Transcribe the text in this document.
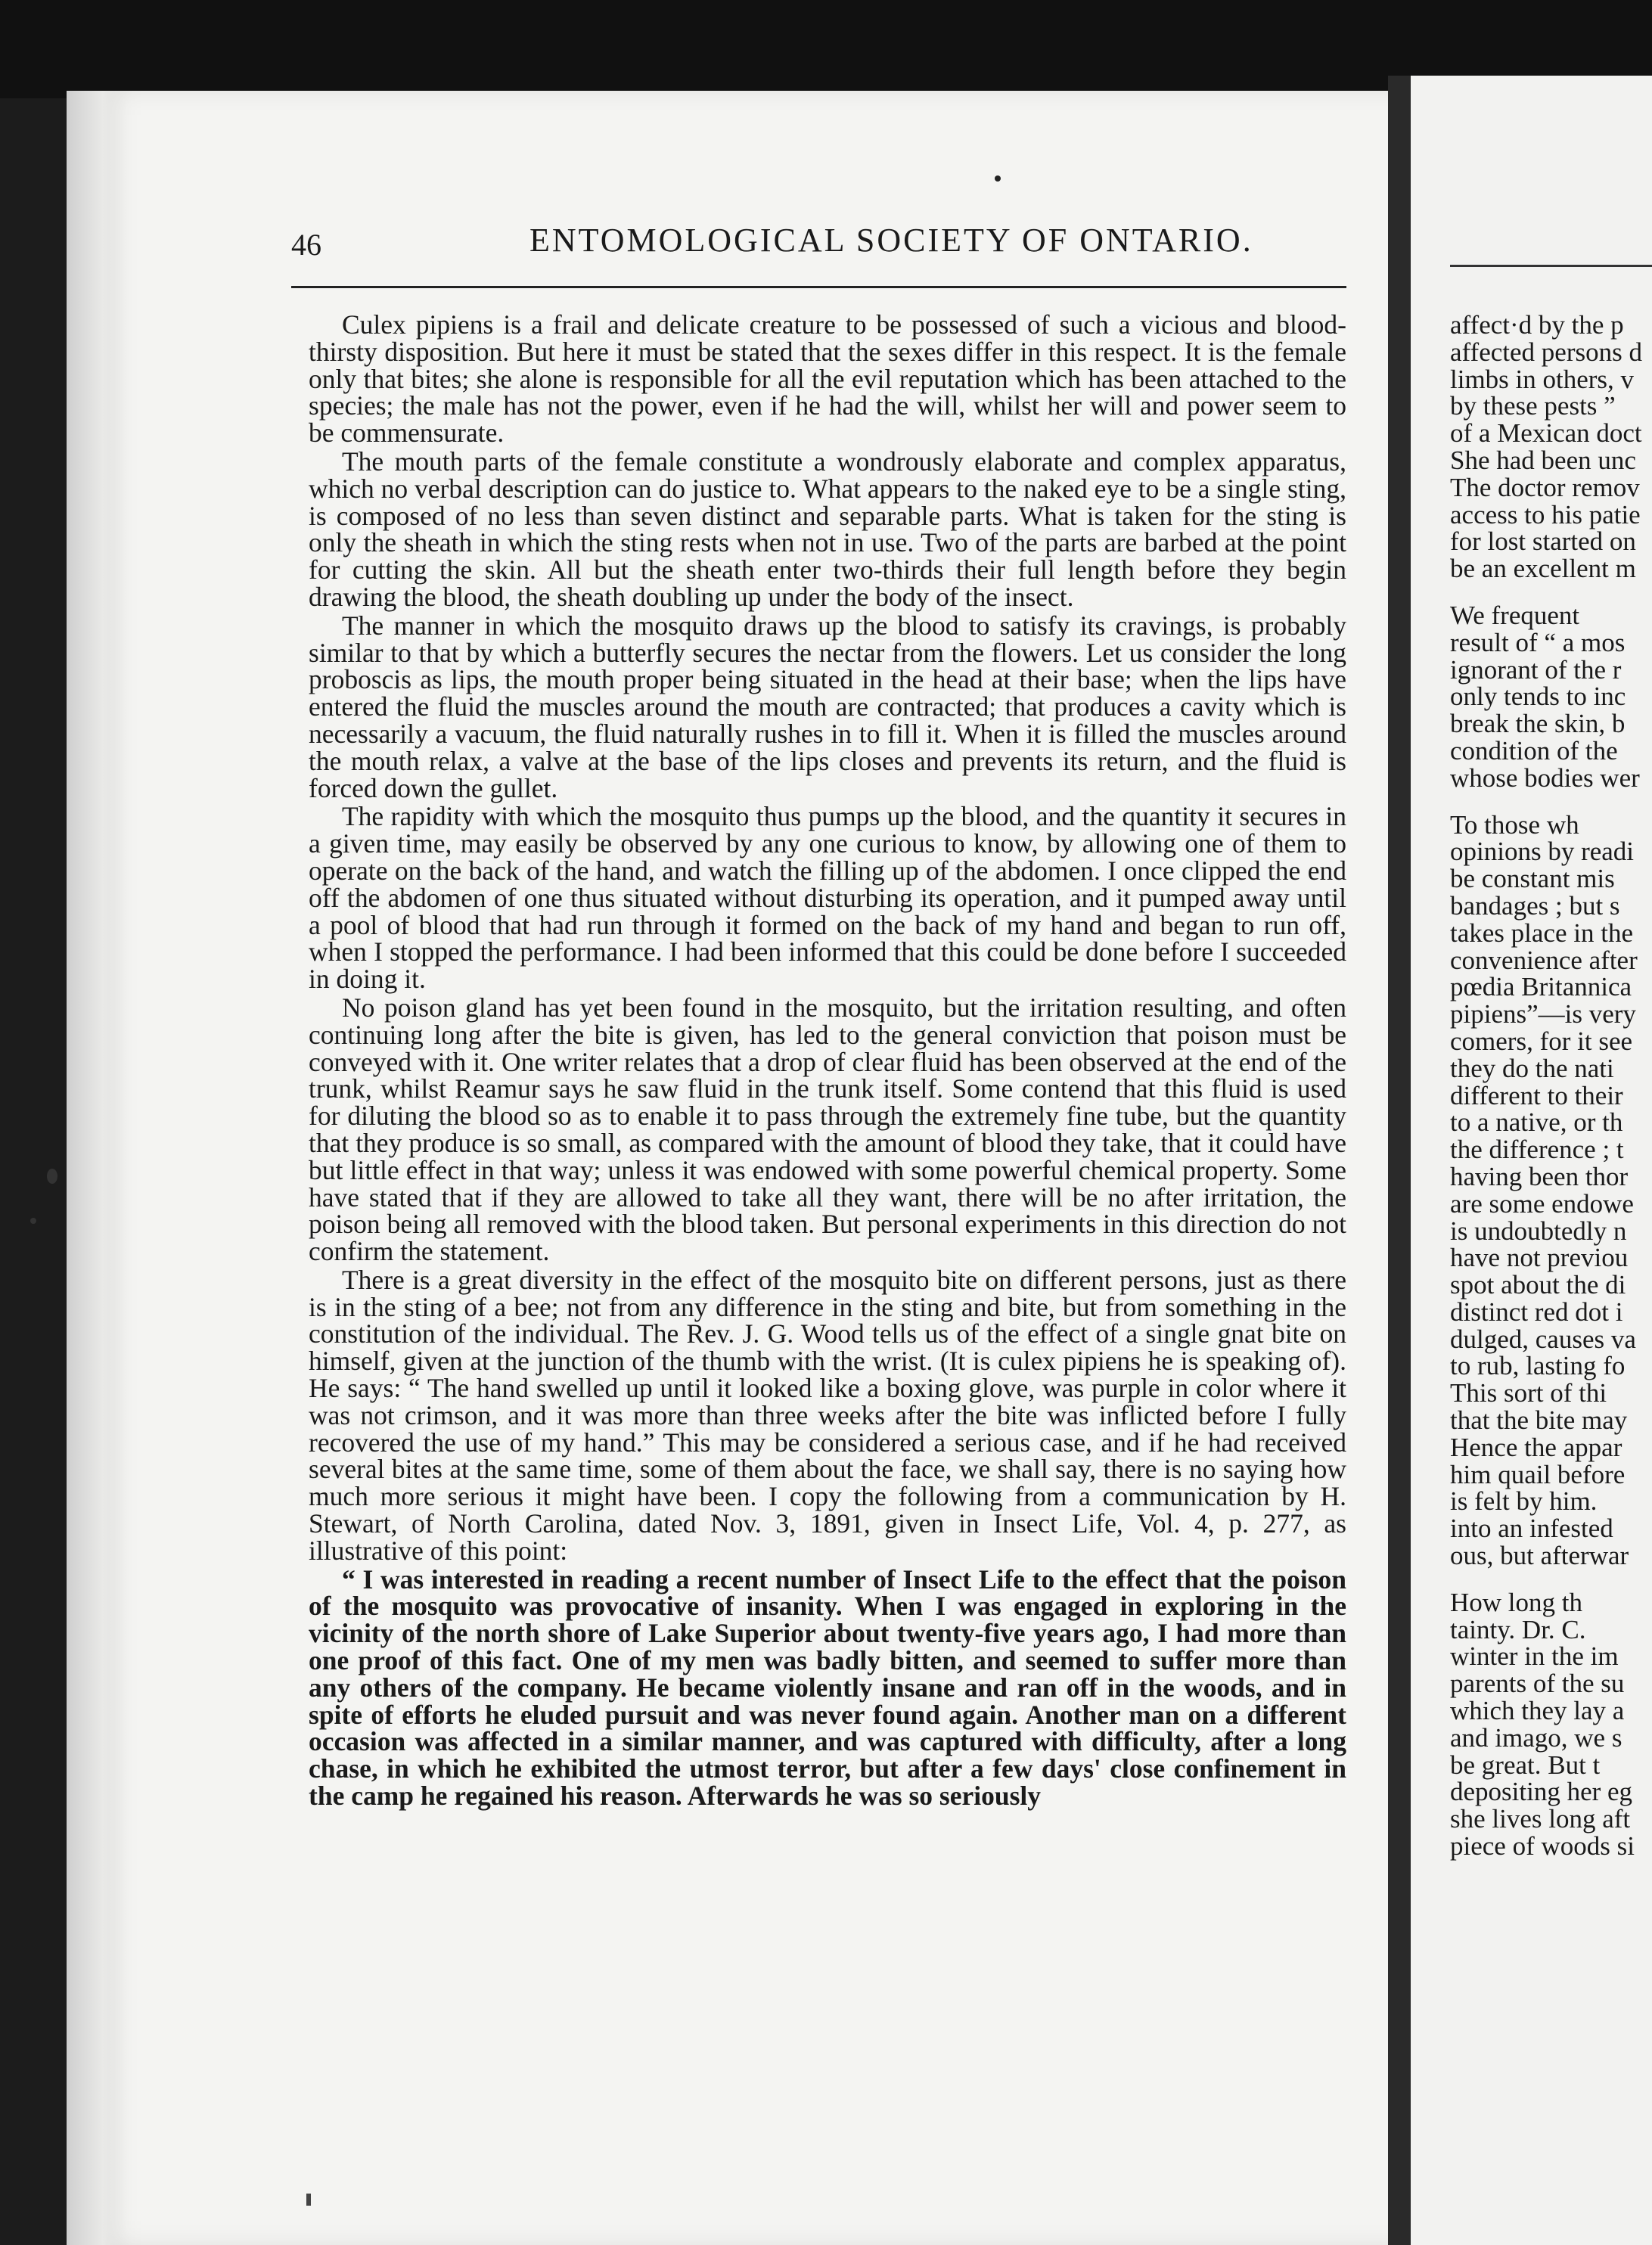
46	ENTOMOLOGICAL SOCIETY OF ONTARIO.

Culex pipiens is a frail and delicate creature to be possessed of such a vicious and blood-thirsty disposition. But here it must be stated that the sexes differ in this respect. It is the female only that bites; she alone is responsible for all the evil reputation which has been attached to the species; the male has not the power, even if he had the will, whilst her will and power seem to be commensurate.

The mouth parts of the female constitute a wondrously elaborate and complex apparatus, which no verbal description can do justice to. What appears to the naked eye to be a single sting, is composed of no less than seven distinct and separable parts. What is taken for the sting is only the sheath in which the sting rests when not in use. Two of the parts are barbed at the point for cutting the skin. All but the sheath enter two-thirds their full length before they begin drawing the blood, the sheath doubling up under the body of the insect.

The manner in which the mosquito draws up the blood to satisfy its cravings, is probably similar to that by which a butterfly secures the nectar from the flowers. Let us consider the long proboscis as lips, the mouth proper being situated in the head at their base; when the lips have entered the fluid the muscles around the mouth are contracted; that produces a cavity which is necessarily a vacuum, the fluid naturally rushes in to fill it. When it is filled the muscles around the mouth relax, a valve at the base of the lips closes and prevents its return, and the fluid is forced down the gullet.

The rapidity with which the mosquito thus pumps up the blood, and the quantity it secures in a given time, may easily be observed by any one curious to know, by allowing one of them to operate on the back of the hand, and watch the filling up of the abdomen. I once clipped the end off the abdomen of one thus situated without disturbing its operation, and it pumped away until a pool of blood that had run through it formed on the back of my hand and began to run off, when I stopped the performance. I had been informed that this could be done before I succeeded in doing it.

No poison gland has yet been found in the mosquito, but the irritation resulting, and often continuing long after the bite is given, has led to the general conviction that poison must be conveyed with it. One writer relates that a drop of clear fluid has been observed at the end of the trunk, whilst Reamur says he saw fluid in the trunk itself. Some contend that this fluid is used for diluting the blood so as to enable it to pass through the extremely fine tube, but the quantity that they produce is so small, as compared with the amount of blood they take, that it could have but little effect in that way; unless it was endowed with some powerful chemical property. Some have stated that if they are allowed to take all they want, there will be no after irritation, the poison being all removed with the blood taken. But personal experiments in this direction do not confirm the statement.

There is a great diversity in the effect of the mosquito bite on different persons, just as there is in the sting of a bee; not from any difference in the sting and bite, but from something in the constitution of the individual. The Rev. J. G. Wood tells us of the effect of a single gnat bite on himself, given at the junction of the thumb with the wrist. (It is culex pipiens he is speaking of). He says: “ The hand swelled up until it looked like a boxing glove, was purple in color where it was not crimson, and it was more than three weeks after the bite was inflicted before I fully recovered the use of my hand.” This may be considered a serious case, and if he had received several bites at the same time, some of them about the face, we shall say, there is no saying how much more serious it might have been. I copy the following from a communication by H. Stewart, of North Carolina, dated Nov. 3, 1891, given in Insect Life, Vol. 4, p. 277, as illustrative of this point:

“ I was interested in reading a recent number of Insect Life to the effect that the poison of the mosquito was provocative of insanity. When I was engaged in exploring in the vicinity of the north shore of Lake Superior about twenty-five years ago, I had more than one proof of this fact. One of my men was badly bitten, and seemed to suffer more than any others of the company. He became violently insane and ran off in the woods, and in spite of efforts he eluded pursuit and was never found again. Another man on a different occasion was affected in a similar manner, and was captured with difficulty, after a long chase, in which he exhibited the utmost terror, but after a few days' close confinement in the camp he regained his reason. Afterwards he was so seriously

affect·d by the p
affected persons d
limbs in others, v
by these pests ”
of a Mexican doct
She had been unc
The doctor remov
access to his patie
for lost started on
be an excellent m
We frequent
result of “ a mos
ignorant of the r
only tends to inc
break the skin, b
condition of the
whose bodies wer
To those wh
opinions by readi
be constant mis
bandages ; but s
takes place in the
convenience after
pœdia Britannica
pipiens”—is very
comers, for it see
they do the nati
different to their
to a native, or th
the difference ; t
having been thor
are some endowe
is undoubtedly n
have not previou
spot about the di
distinct red dot i
dulged, causes va
to rub, lasting fo
This sort of thi
that the bite may
Hence the appar
him quail before
is felt by him.
into an infested
ous, but afterwar
How long th
tainty. Dr. C.
winter in the im
parents of the su
which they lay a
and imago, we s
be great. But t
depositing her eg
she lives long aft
piece of woods si
